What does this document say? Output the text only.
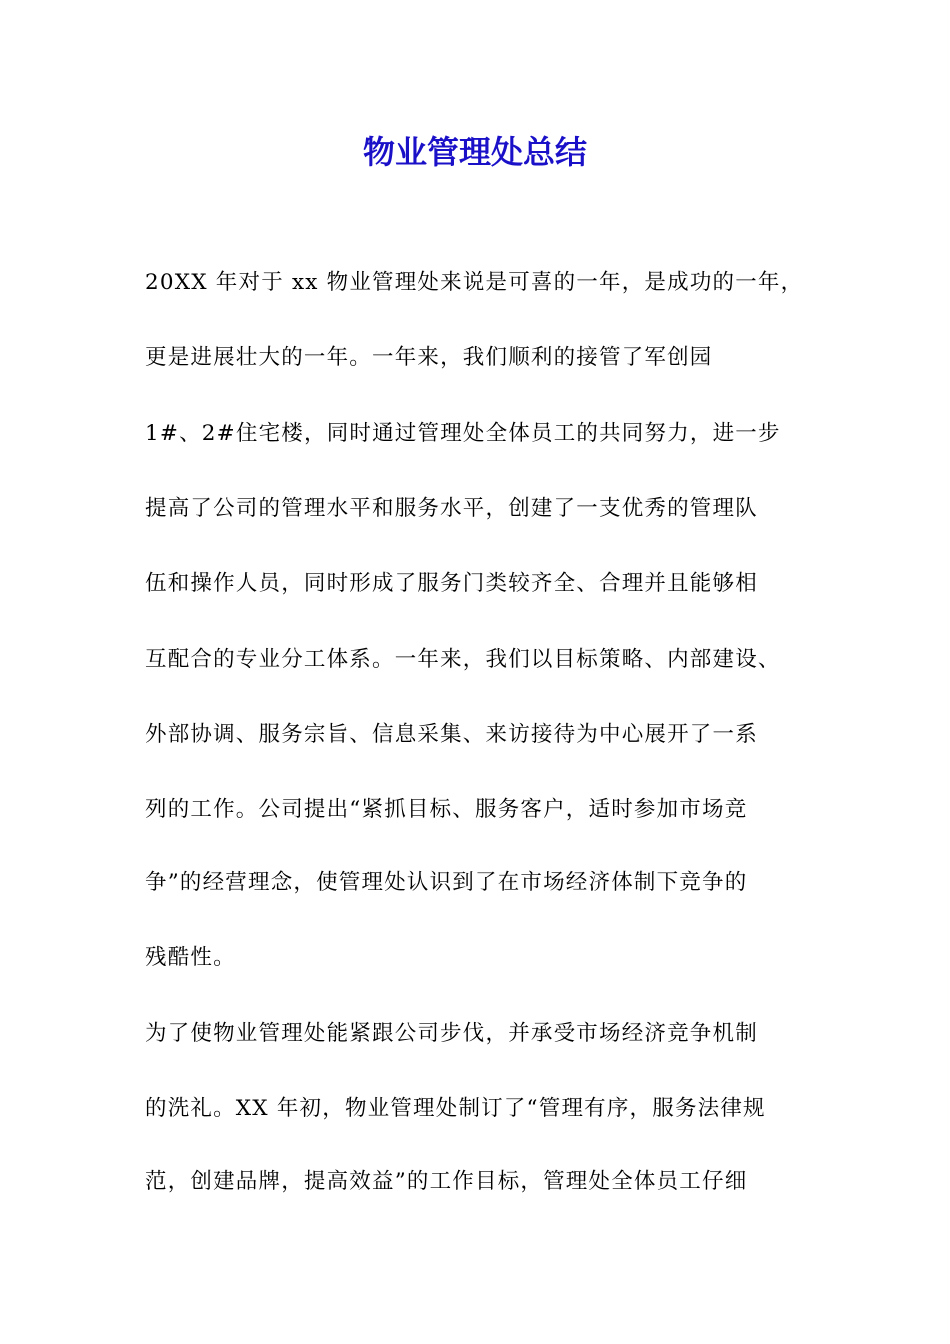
物业管理处总结
20XX 年对于 xx 物业管理处来说是可喜的一年，是成功的一年，
更是进展壮大的一年。一年来，我们顺利的接管了军创园
1#、2#住宅楼，同时通过管理处全体员工的共同努力，进一步
提高了公司的管理水平和服务水平，创建了一支优秀的管理队
伍和操作人员，同时形成了服务门类较齐全、合理并且能够相
互配合的专业分工体系。一年来，我们以目标策略、内部建设、
外部协调、服务宗旨、信息采集、来访接待为中心展开了一系
列的工作。公司提出“紧抓目标、服务客户，适时参加市场竞
争”的经营理念，使管理处认识到了在市场经济体制下竞争的
残酷性。
为了使物业管理处能紧跟公司步伐，并承受市场经济竞争机制
的洗礼。XX 年初，物业管理处制订了“管理有序，服务法律规
范，创建品牌，提高效益”的工作目标，管理处全体员工仔细
